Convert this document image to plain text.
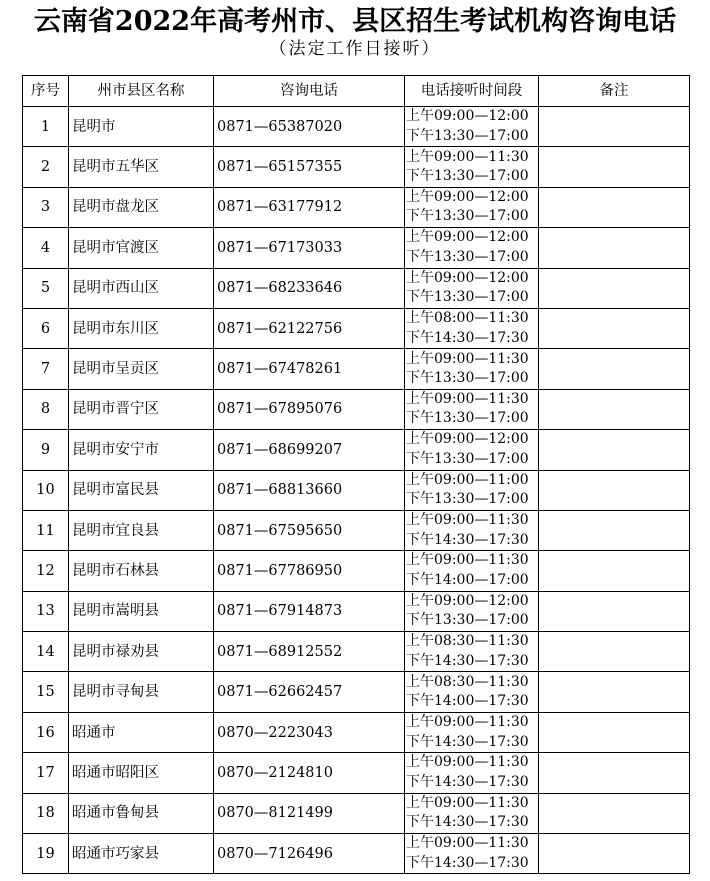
云南省2022年高考州市、县区招生考试机构咨询电话
（法定工作日接听）
序号	州市县区名称	咨询电话	电话接听时间段	备注
1	昆明市	0871—65387020	上午09:00—12:00
下午13:30—17:00	

2	昆明市五华区	0871—65157355	上午09:00—11:30
下午13:30—17:00	

3	昆明市盘龙区	0871—63177912	上午09:00—12:00
下午13:30—17:00	

4	昆明市官渡区	0871—67173033	上午09:00—12:00
下午13:30—17:00	

5	昆明市西山区	0871—68233646	上午09:00—12:00
下午13:30—17:00	

6	昆明市东川区	0871—62122756	上午08:00—11:30
下午14:30—17:30	

7	昆明市呈贡区	0871—67478261	上午09:00—11:30
下午13:30—17:00	

8	昆明市晋宁区	0871—67895076	上午09:00—11:30
下午13:30—17:00	

9	昆明市安宁市	0871—68699207	上午09:00—12:00
下午13:30—17:00	

10	昆明市富民县	0871—68813660	上午09:00—11:00
下午13:30—17:00	

11	昆明市宜良县	0871—67595650	上午09:00—11:30
下午14:30—17:30	

12	昆明市石林县	0871—67786950	上午09:00—11:30
下午14:00—17:00	

13	昆明市嵩明县	0871—67914873	上午09:00—12:00
下午13:30—17:00	

14	昆明市禄劝县	0871—68912552	上午08:30—11:30
下午14:30—17:30	

15	昆明市寻甸县	0871—62662457	上午08:30—11:30
下午14:00—17:30	

16	昭通市	0870—2223043	上午09:00—11:30
下午14:30—17:30	

17	昭通市昭阳区	0870—2124810	上午09:00—11:30
下午14:30—17:30	

18	昭通市鲁甸县	0870—8121499	上午09:00—11:30
下午14:30—17:30	

19	昭通市巧家县	0870—7126496	上午09:00—11:30
下午14:30—17:30	
